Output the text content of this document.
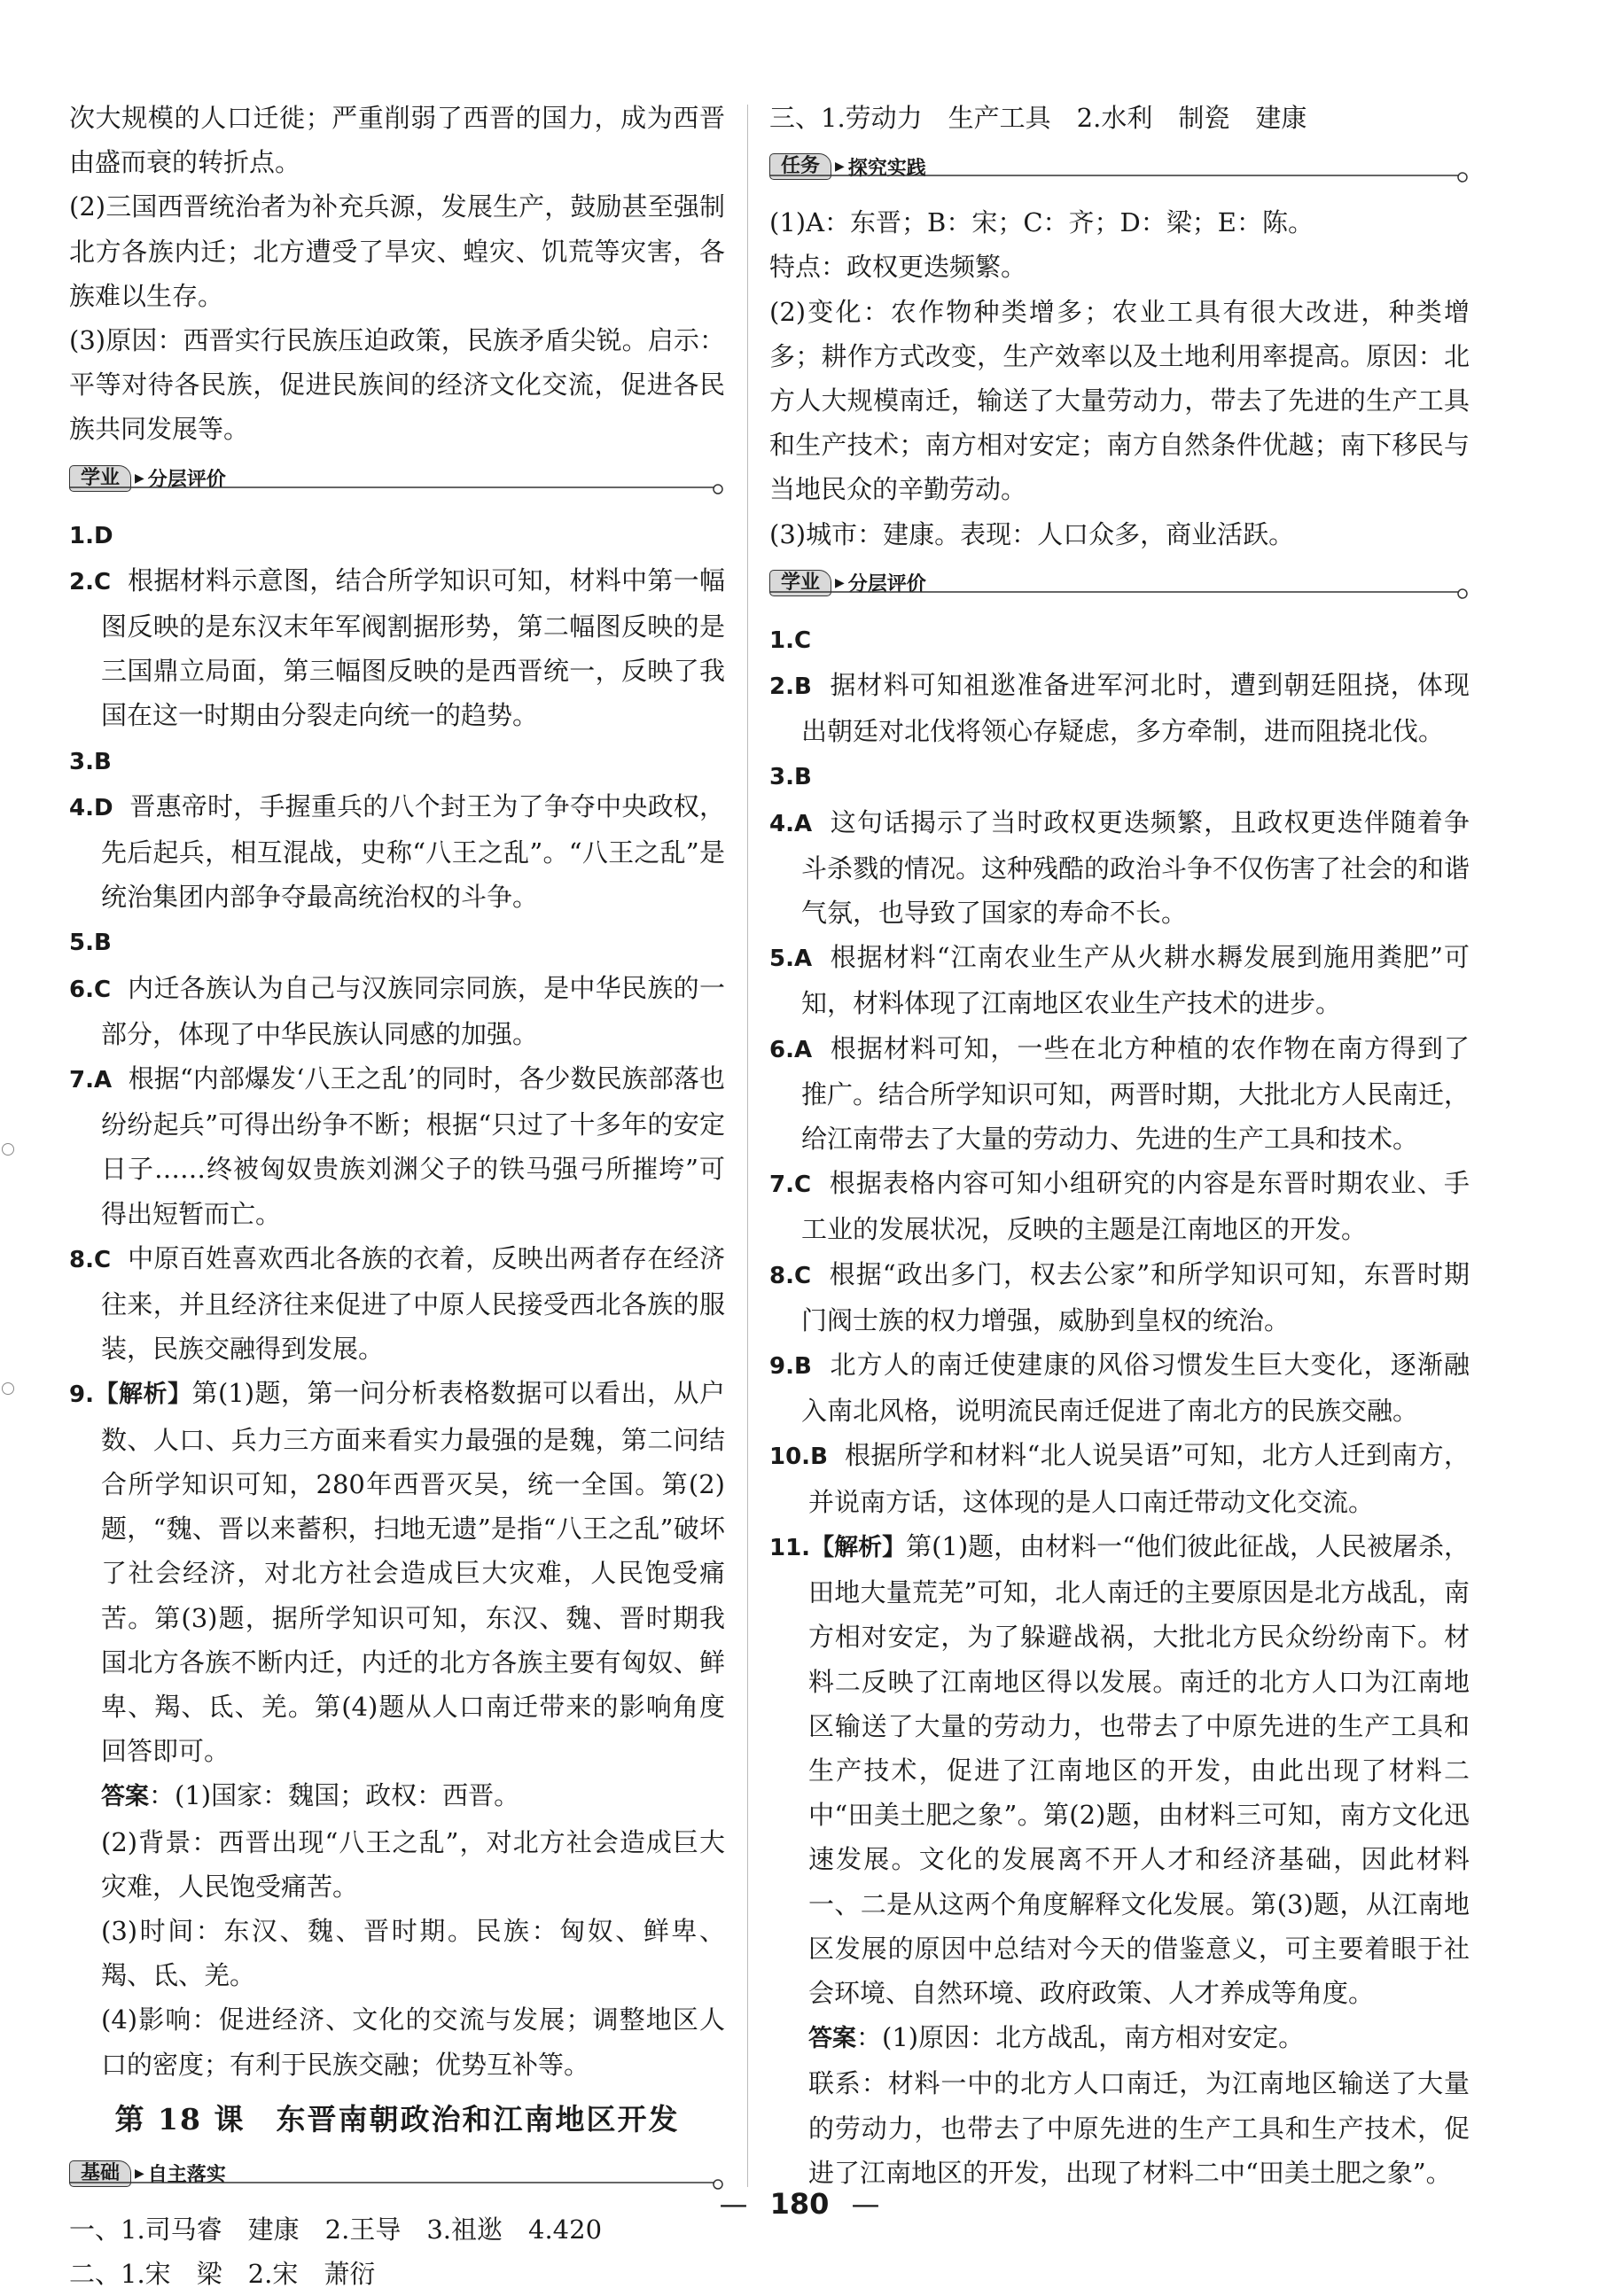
次大规模的人口迁徙；严重削弱了西晋的国力，成为西晋由盛而衰的转折点。

(2)三国西晋统治者为补充兵源，发展生产，鼓励甚至强制北方各族内迁；北方遭受了旱灾、蝗灾、饥荒等灾害，各族难以生存。

(3)原因：西晋实行民族压迫政策，民族矛盾尖锐。启示：平等对待各民族，促进民族间的经济文化交流，促进各民族共同发展等。

学业	▶ 分层评价

1.D

2.C 根据材料示意图，结合所学知识可知，材料中第一幅图反映的是东汉末年军阀割据形势，第二幅图反映的是三国鼎立局面，第三幅图反映的是西晋统一，反映了我国在这一时期由分裂走向统一的趋势。

3.B

4.D 晋惠帝时，手握重兵的八个封王为了争夺中央政权，先后起兵，相互混战，史称“八王之乱”。“八王之乱”是统治集团内部争夺最高统治权的斗争。

5.B

6.C 内迁各族认为自己与汉族同宗同族，是中华民族的一部分，体现了中华民族认同感的加强。

7.A 根据“内部爆发‘八王之乱’的同时，各少数民族部落也纷纷起兵”可得出纷争不断；根据“只过了十多年的安定日子……终被匈奴贵族刘渊父子的铁马强弓所摧垮”可得出短暂而亡。

8.C 中原百姓喜欢西北各族的衣着，反映出两者存在经济往来，并且经济往来促进了中原人民接受西北各族的服装，民族交融得到发展。

9.【解析】第(1)题，第一问分析表格数据可以看出，从户数、人口、兵力三方面来看实力最强的是魏，第二问结合所学知识可知，280年西晋灭吴，统一全国。第(2)题，“魏、晋以来蓄积，扫地无遗”是指“八王之乱”破坏了社会经济，对北方社会造成巨大灾难，人民饱受痛苦。第(3)题，据所学知识可知，东汉、魏、晋时期我国北方各族不断内迁，内迁的北方各族主要有匈奴、鲜卑、羯、氐、羌。第(4)题从人口南迁带来的影响角度回答即可。

答案：(1)国家：魏国；政权：西晋。

(2)背景：西晋出现“八王之乱”，对北方社会造成巨大灾难，人民饱受痛苦。

(3)时间：东汉、魏、晋时期。民族：匈奴、鲜卑、羯、氐、羌。

(4)影响：促进经济、文化的交流与发展；调整地区人口的密度；有利于民族交融；优势互补等。

第 18 课　东晋南朝政治和江南地区开发
基础	▶ 自主落实

一、1.司马睿　建康　2.王导　3.祖逖　4.420

二、1.宋　梁　2.宋　萧衍

三、1.劳动力　生产工具　2.水利　制瓷　建康

任务	▶ 探究实践

(1)A：东晋；B：宋；C：齐；D：梁；E：陈。

特点：政权更迭频繁。

(2)变化：农作物种类增多；农业工具有很大改进，种类增多；耕作方式改变，生产效率以及土地利用率提高。原因：北方人大规模南迁，输送了大量劳动力，带去了先进的生产工具和生产技术；南方相对安定；南方自然条件优越；南下移民与当地民众的辛勤劳动。

(3)城市：建康。表现：人口众多，商业活跃。

学业	▶ 分层评价

1.C

2.B 据材料可知祖逖准备进军河北时，遭到朝廷阻挠，体现出朝廷对北伐将领心存疑虑，多方牵制，进而阻挠北伐。

3.B

4.A 这句话揭示了当时政权更迭频繁，且政权更迭伴随着争斗杀戮的情况。这种残酷的政治斗争不仅伤害了社会的和谐气氛，也导致了国家的寿命不长。

5.A 根据材料“江南农业生产从火耕水耨发展到施用粪肥”可知，材料体现了江南地区农业生产技术的进步。

6.A 根据材料可知，一些在北方种植的农作物在南方得到了推广。结合所学知识可知，两晋时期，大批北方人民南迁，给江南带去了大量的劳动力、先进的生产工具和技术。

7.C 根据表格内容可知小组研究的内容是东晋时期农业、手工业的发展状况，反映的主题是江南地区的开发。

8.C 根据“政出多门，权去公家”和所学知识可知，东晋时期门阀士族的权力增强，威胁到皇权的统治。

9.B 北方人的南迁使建康的风俗习惯发生巨大变化，逐渐融入南北风格，说明流民南迁促进了南北方的民族交融。

10.B 根据所学和材料“北人说吴语”可知，北方人迁到南方，并说南方话，这体现的是人口南迁带动文化交流。

11.【解析】第(1)题，由材料一“他们彼此征战，人民被屠杀，田地大量荒芜”可知，北人南迁的主要原因是北方战乱，南方相对安定，为了躲避战祸，大批北方民众纷纷南下。材料二反映了江南地区得以发展。南迁的北方人口为江南地区输送了大量的劳动力，也带去了中原先进的生产工具和生产技术，促进了江南地区的开发，由此出现了材料二中“田美土肥之象”。第(2)题，由材料三可知，南方文化迅速发展。文化的发展离不开人才和经济基础，因此材料一、二是从这两个角度解释文化发展。第(3)题，从江南地区发展的原因中总结对今天的借鉴意义，可主要着眼于社会环境、自然环境、政府政策、人才养成等角度。

答案：(1)原因：北方战乱，南方相对安定。

联系：材料一中的北方人口南迁，为江南地区输送了大量的劳动力，也带去了中原先进的生产工具和生产技术，促进了江南地区的开发，出现了材料二中“田美土肥之象”。

— 180 —
